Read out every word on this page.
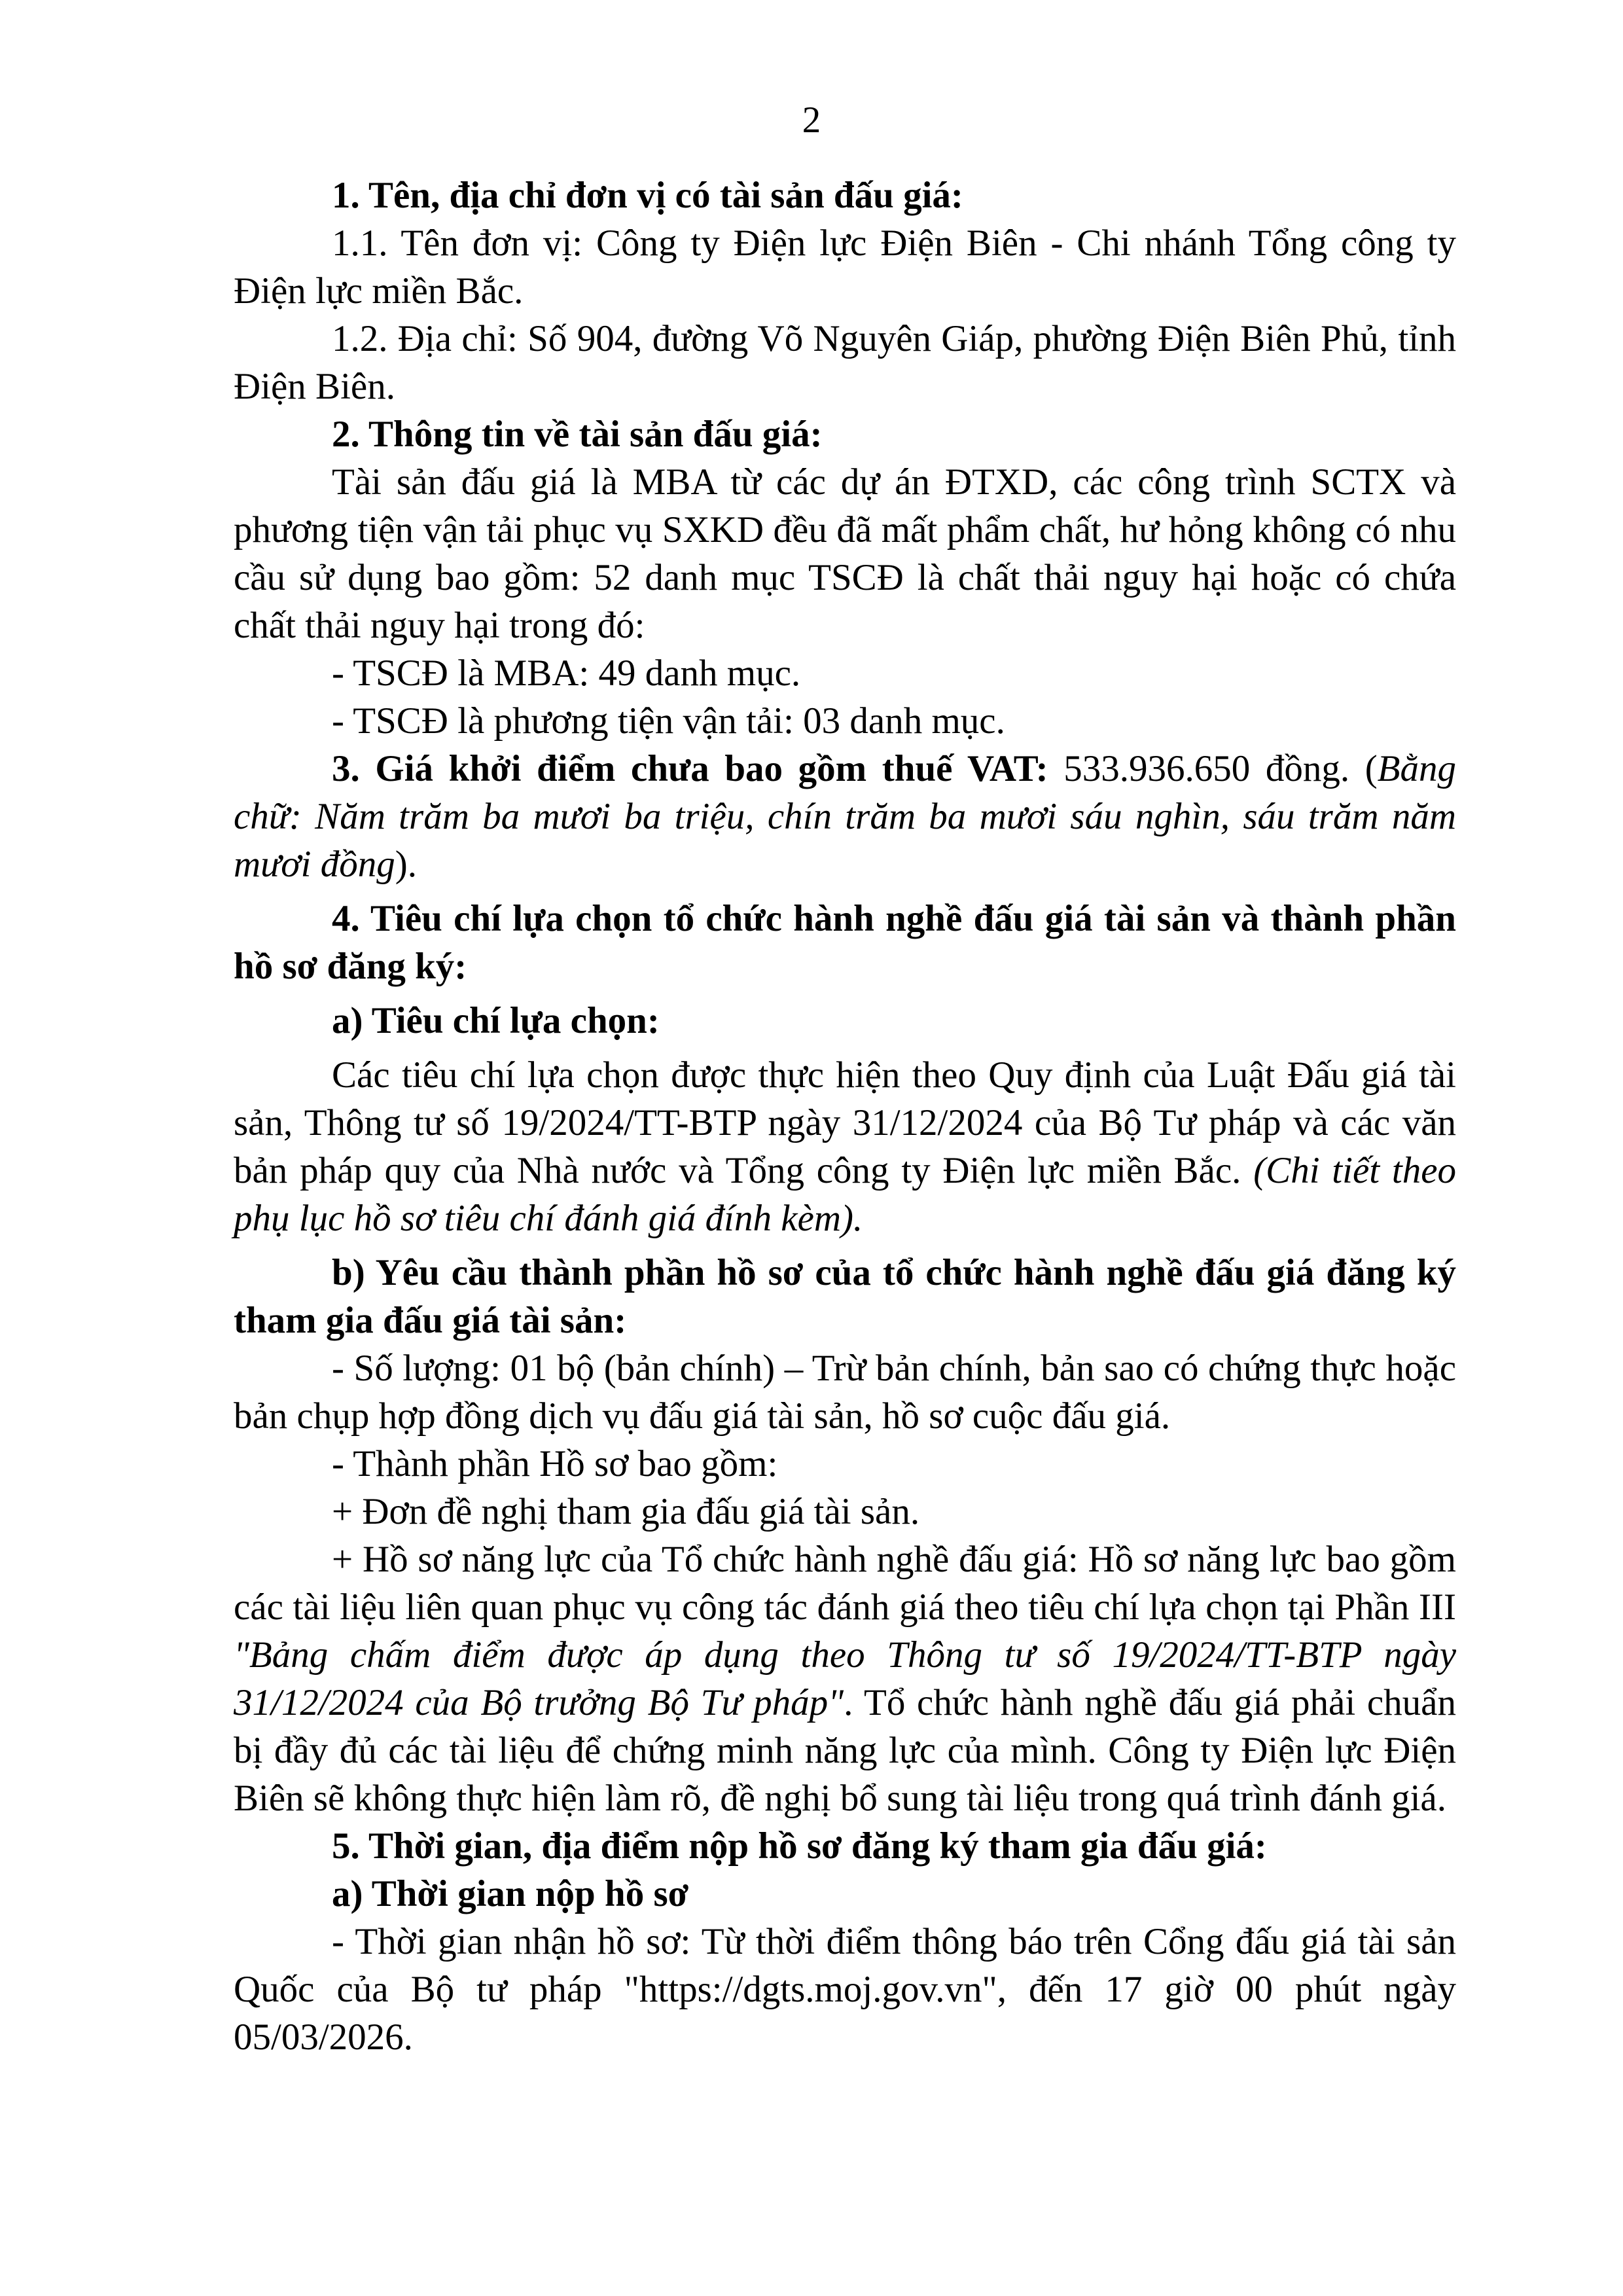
2

1. Tên, địa chỉ đơn vị có tài sản đấu giá:

1.1. Tên đơn vị: Công ty Điện lực Điện Biên - Chi nhánh Tổng công ty Điện lực miền Bắc.

1.2. Địa chỉ: Số 904, đường Võ Nguyên Giáp, phường Điện Biên Phủ, tỉnh Điện Biên.

2. Thông tin về tài sản đấu giá:

Tài sản đấu giá là MBA từ các dự án ĐTXD, các công trình SCTX và phương tiện vận tải phục vụ SXKD đều đã mất phẩm chất, hư hỏng không có nhu cầu sử dụng bao gồm: 52 danh mục TSCĐ là chất thải nguy hại hoặc có chứa chất thải nguy hại trong đó:

- TSCĐ là MBA: 49 danh mục.

- TSCĐ là phương tiện vận tải: 03 danh mục.

3. Giá khởi điểm chưa bao gồm thuế VAT: 533.936.650 đồng. (Bằng chữ: Năm trăm ba mươi ba triệu, chín trăm ba mươi sáu nghìn, sáu trăm năm mươi đồng).

4. Tiêu chí lựa chọn tổ chức hành nghề đấu giá tài sản và thành phần hồ sơ đăng ký:

a) Tiêu chí lựa chọn:

Các tiêu chí lựa chọn được thực hiện theo Quy định của Luật Đấu giá tài sản, Thông tư số 19/2024/TT-BTP ngày 31/12/2024 của Bộ Tư pháp và các văn bản pháp quy của Nhà nước và Tổng công ty Điện lực miền Bắc. (Chi tiết theo phụ lục hồ sơ tiêu chí đánh giá đính kèm).

b) Yêu cầu thành phần hồ sơ của tổ chức hành nghề đấu giá đăng ký tham gia đấu giá tài sản:

- Số lượng: 01 bộ (bản chính) – Trừ bản chính, bản sao có chứng thực hoặc bản chụp hợp đồng dịch vụ đấu giá tài sản, hồ sơ cuộc đấu giá.

- Thành phần Hồ sơ bao gồm:

+ Đơn đề nghị tham gia đấu giá tài sản.

+ Hồ sơ năng lực của Tổ chức hành nghề đấu giá: Hồ sơ năng lực bao gồm các tài liệu liên quan phục vụ công tác đánh giá theo tiêu chí lựa chọn tại Phần III "Bảng chấm điểm được áp dụng theo Thông tư số 19/2024/TT-BTP ngày 31/12/2024 của Bộ trưởng Bộ Tư pháp". Tổ chức hành nghề đấu giá phải chuẩn bị đầy đủ các tài liệu để chứng minh năng lực của mình. Công ty Điện lực Điện Biên sẽ không thực hiện làm rõ, đề nghị bổ sung tài liệu trong quá trình đánh giá.

5. Thời gian, địa điểm nộp hồ sơ đăng ký tham gia đấu giá:

a) Thời gian nộp hồ sơ

- Thời gian nhận hồ sơ: Từ thời điểm thông báo trên Cổng đấu giá tài sản Quốc của Bộ tư pháp "https://dgts.moj.gov.vn", đến 17 giờ 00 phút ngày 05/03/2026.
